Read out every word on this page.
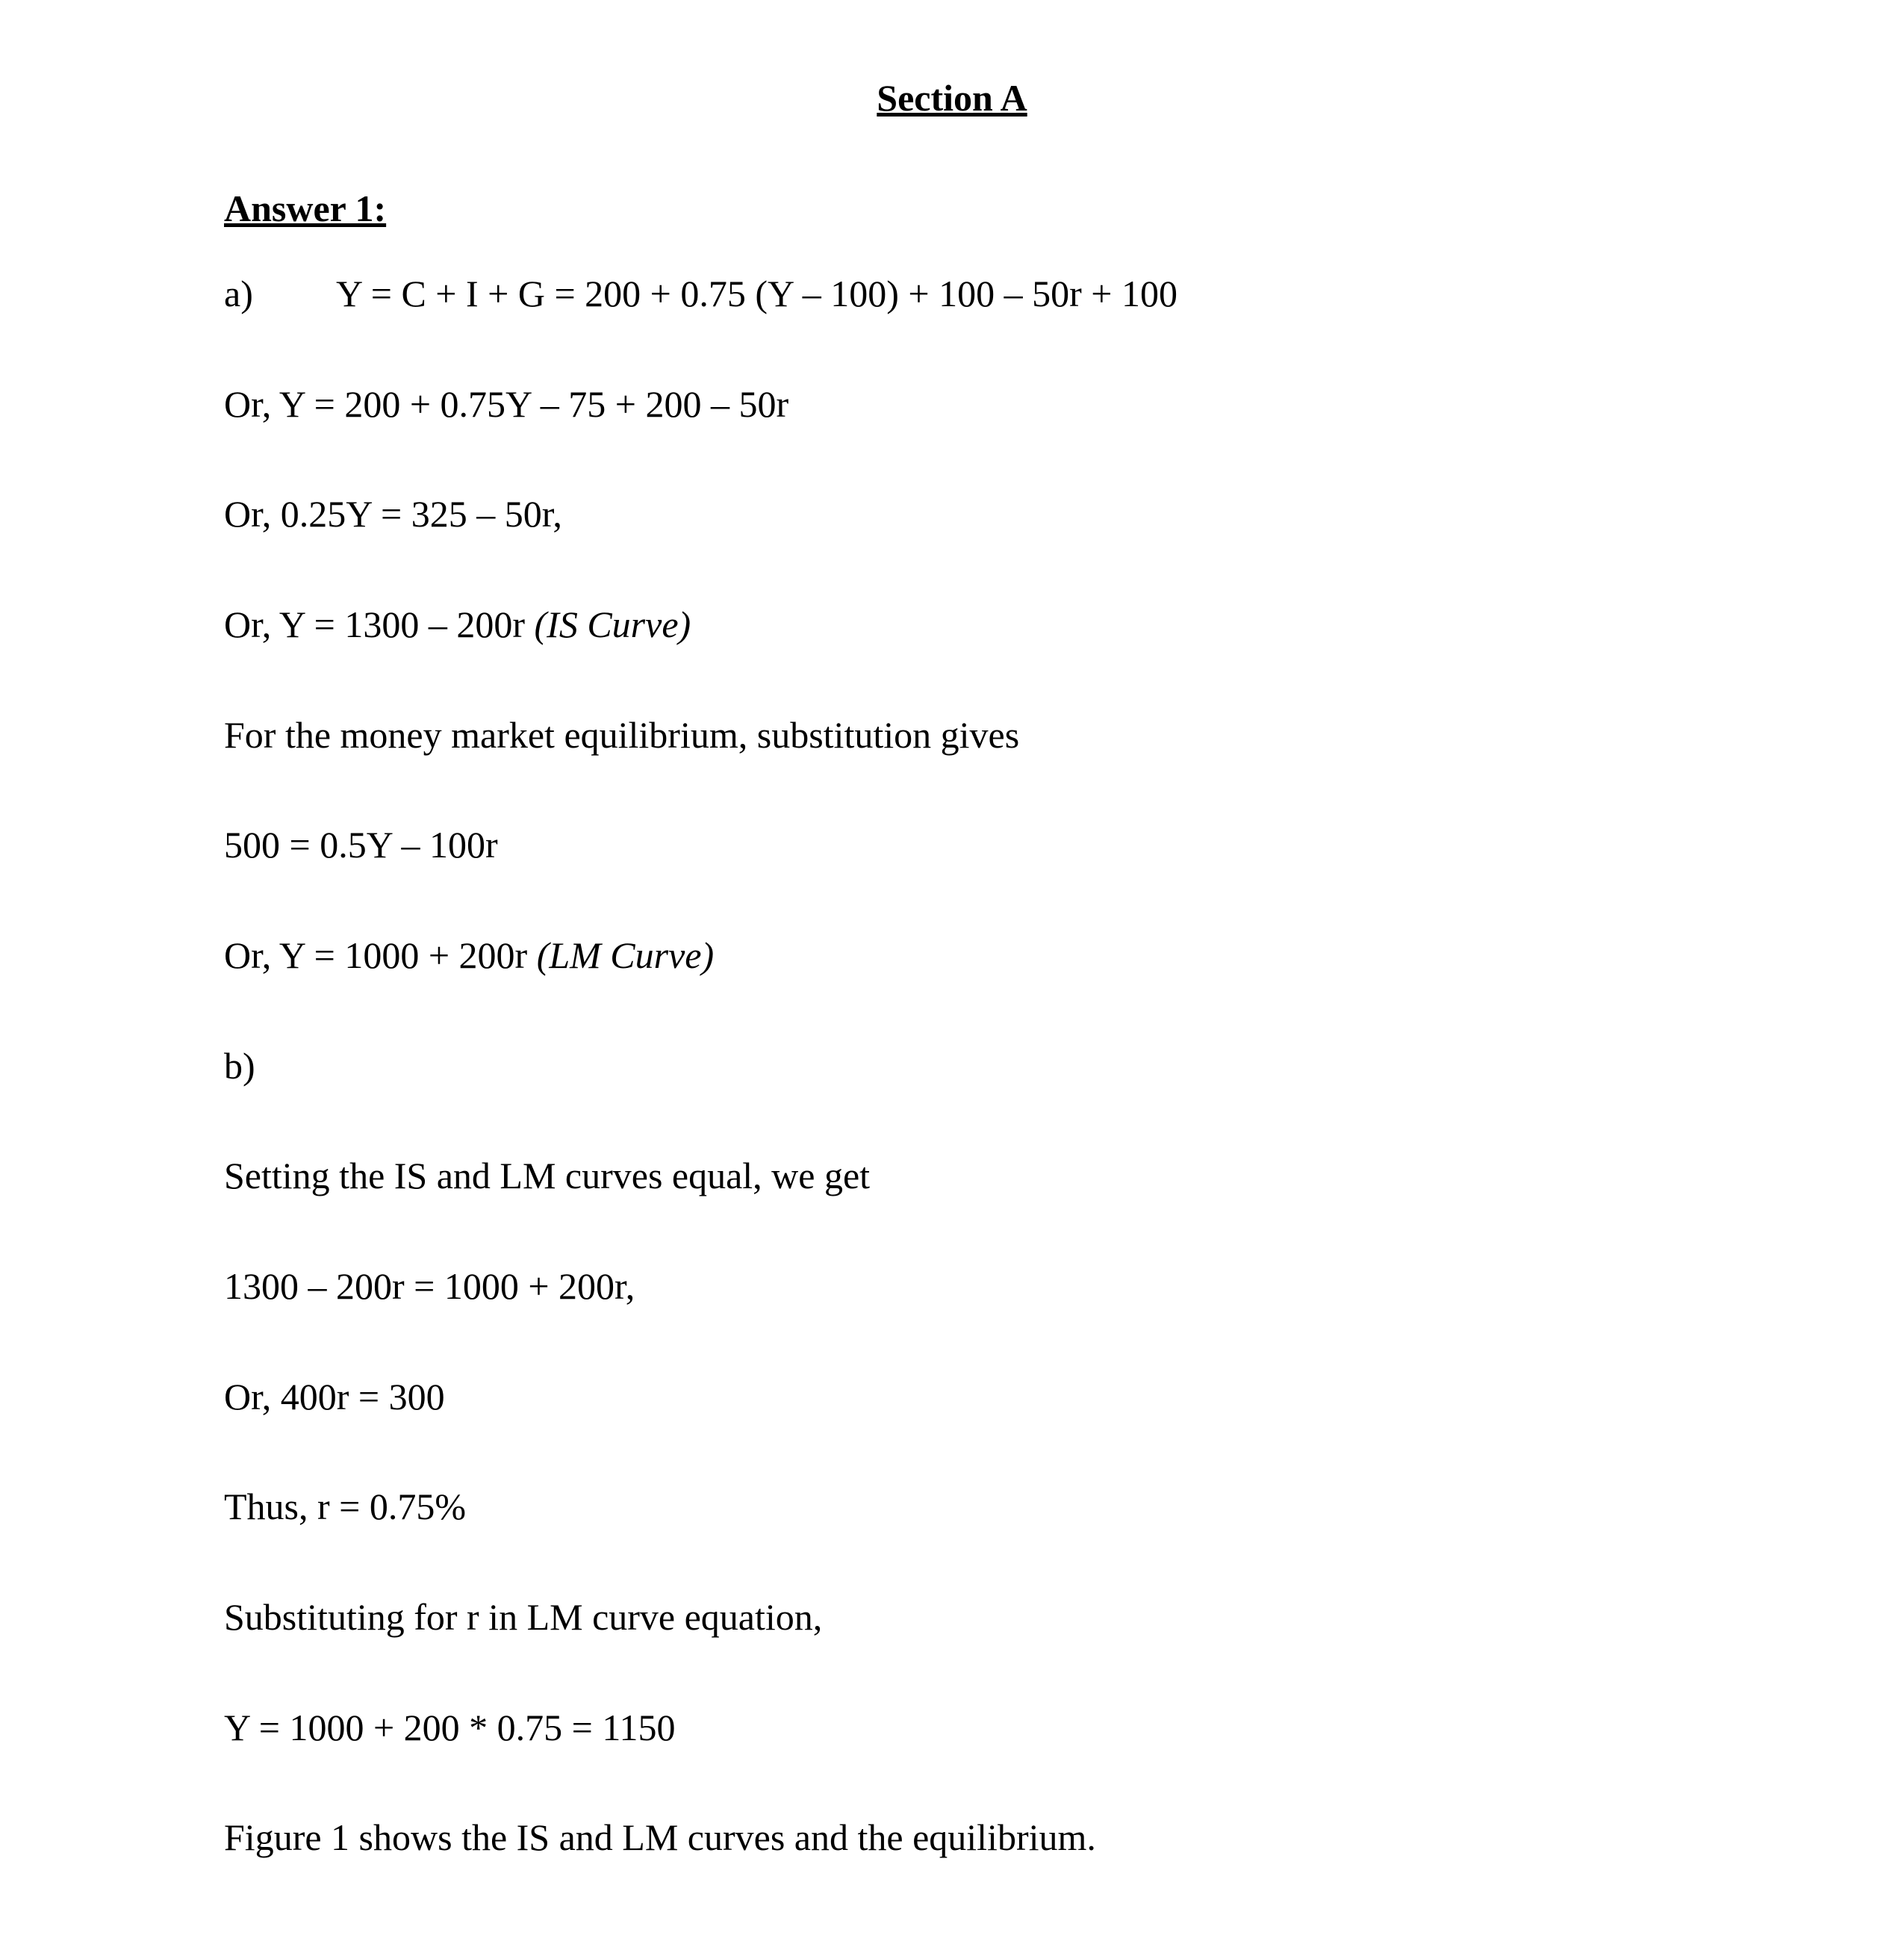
Section A
Answer 1:

a) Y = C + I + G = 200 + 0.75 (Y – 100) + 100 – 50r + 100

Or, Y = 200 + 0.75Y – 75 + 200 – 50r

Or, 0.25Y = 325 – 50r,

Or, Y = 1300 – 200r (IS Curve)

For the money market equilibrium, substitution gives

500 = 0.5Y – 100r

Or, Y = 1000 + 200r (LM Curve)

b)

Setting the IS and LM curves equal, we get

1300 – 200r = 1000 + 200r,

Or, 400r = 300

Thus, r = 0.75%

Substituting for r in LM curve equation,

Y = 1000 + 200 * 0.75 = 1150

Figure 1 shows the IS and LM curves and the equilibrium.
